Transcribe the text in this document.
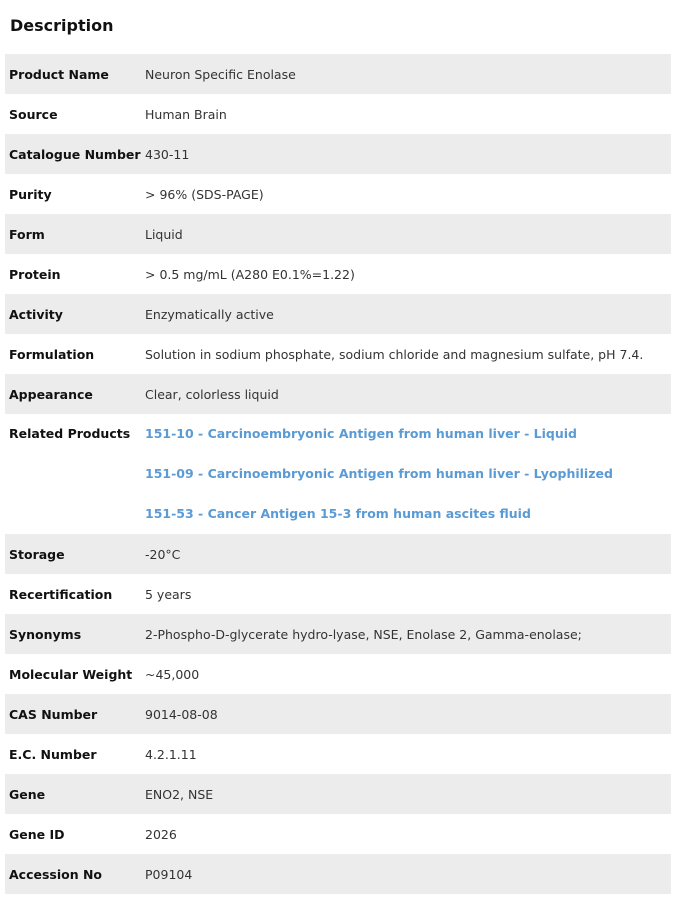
Description
Product Name	Neuron Specific Enolase
Source	Human Brain
Catalogue Number 430-11
Purity	> 96% (SDS-PAGE)
Form	Liquid
Protein	> 0.5 mg/mL (A280 E0.1%=1.22)
Activity	Enzymatically active
Formulation	Solution in sodium phosphate, sodium chloride and magnesium sulfate, pH 7.4.
Appearance	Clear, colorless liquid
Related Products	151-10 - Carcinoembryonic Antigen from human liver - Liquid
151-09 - Carcinoembryonic Antigen from human liver - Lyophilized
151-53 - Cancer Antigen 15-3 from human ascites fluid
Storage	-20°C
Recertification	5 years
Synonyms	2-Phospho-D-glycerate hydro-lyase, NSE, Enolase 2, Gamma-enolase;
Molecular Weight	~45,000
CAS Number	9014-08-08
E.C. Number	4.2.1.11
Gene	ENO2, NSE
Gene ID	2026
Accession No	P09104
